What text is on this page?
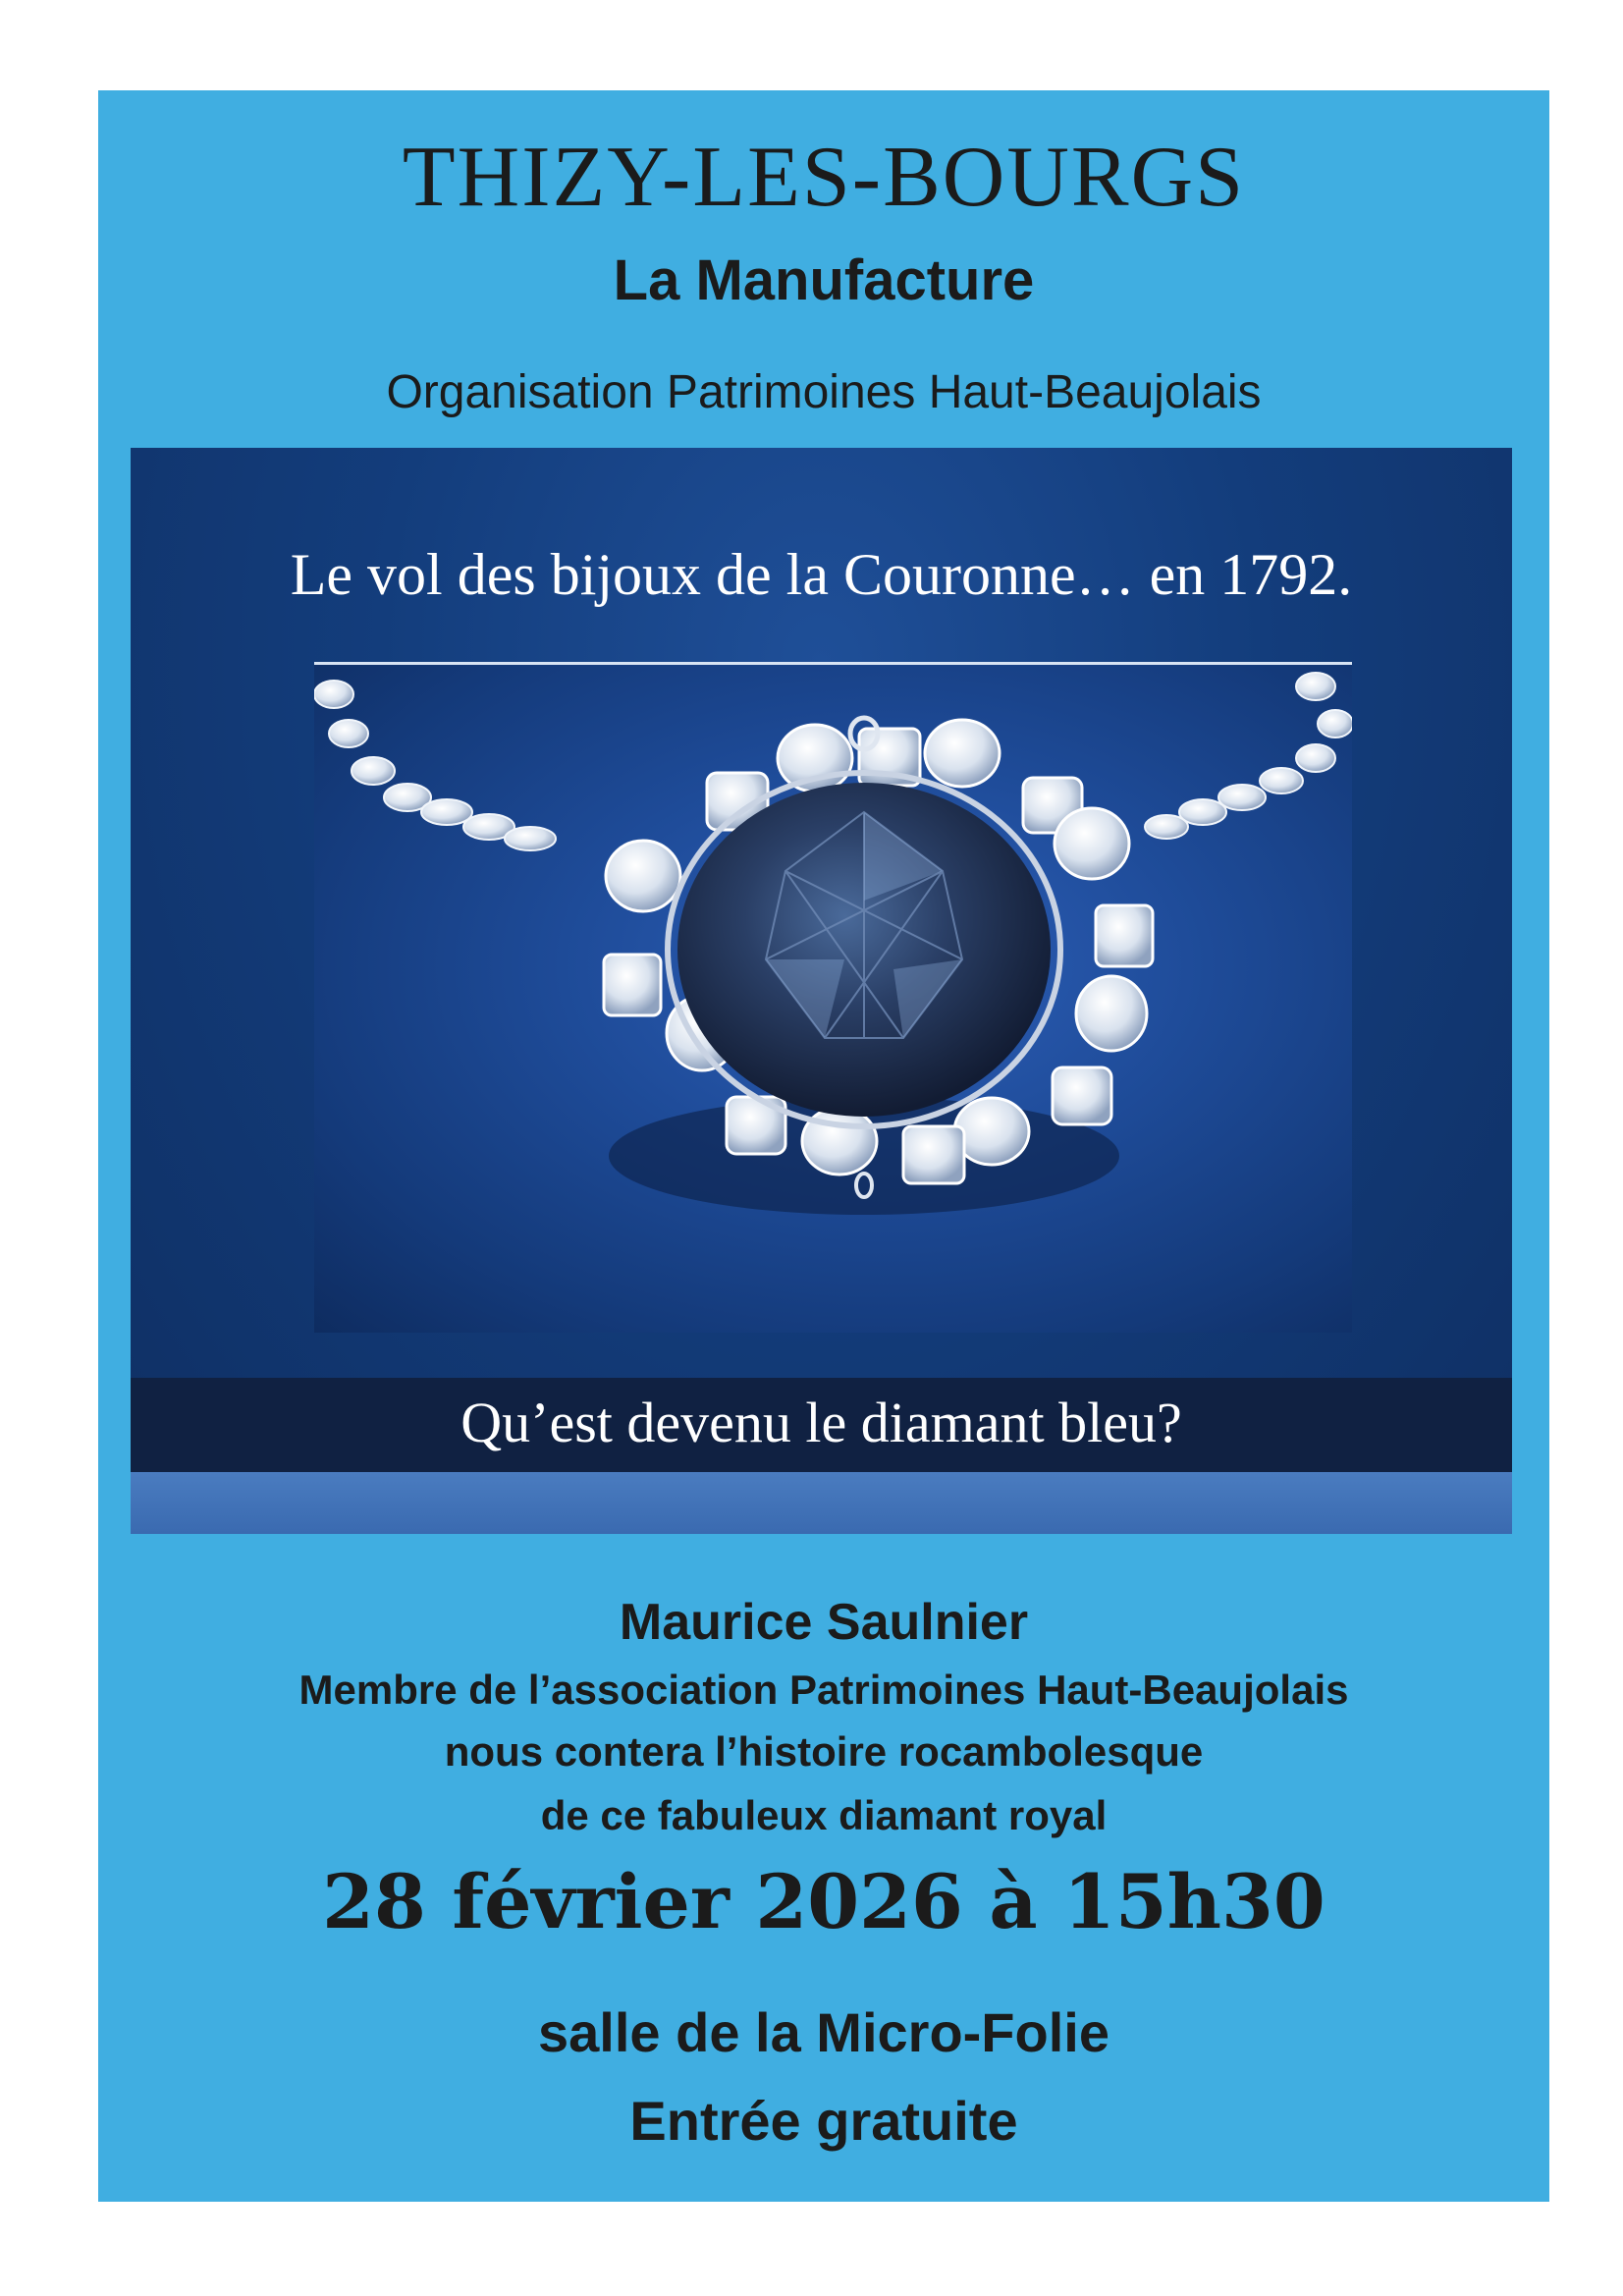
THIZY-LES-BOURGS
La Manufacture
Organisation Patrimoines Haut-Beaujolais
Le vol des bijoux de la Couronne… en 1792.
Qu’est devenu le diamant bleu?
Maurice Saulnier
Membre de l’association Patrimoines Haut-Beaujolais
nous contera l’histoire rocambolesque
de ce fabuleux diamant royal
28 février 2026 à 15h30
salle de la Micro-Folie
Entrée gratuite
